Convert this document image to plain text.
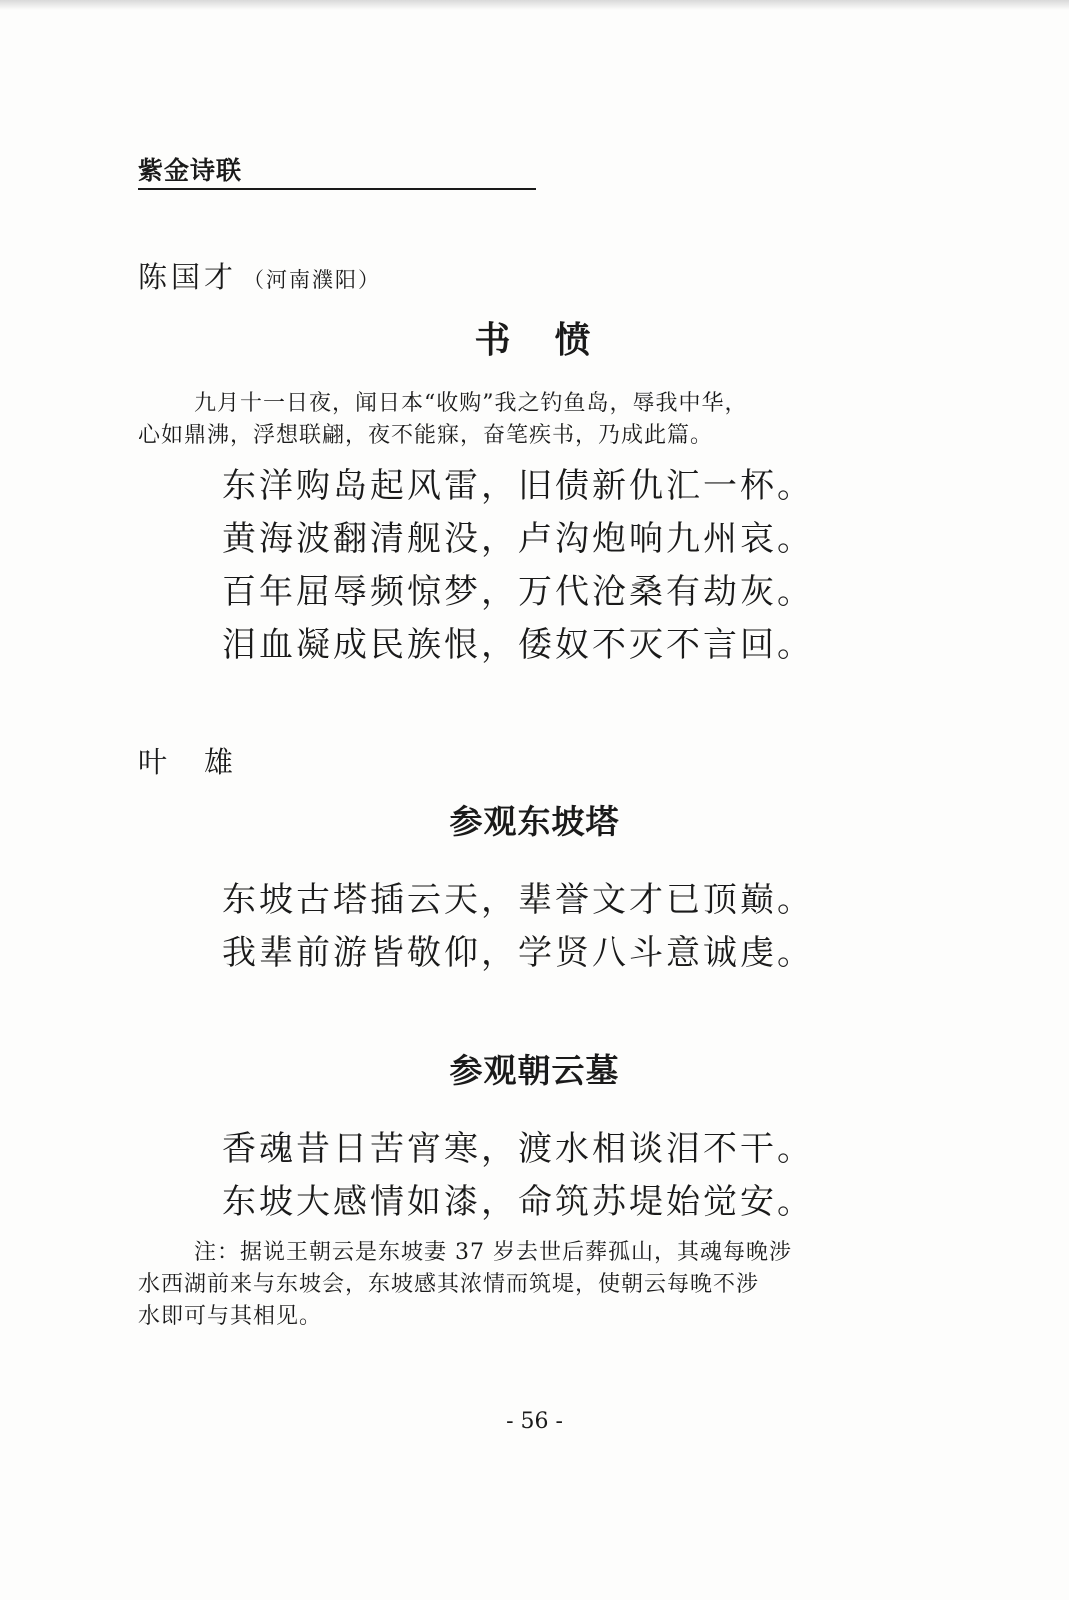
紫金诗联
陈国才 （河南濮阳）
书　愤
九月十一日夜，闻日本“收购”我之钓鱼岛，辱我中华，
心如鼎沸，浮想联翩，夜不能寐，奋笔疾书，乃成此篇。
东洋购岛起风雷，旧债新仇汇一杯。
黄海波翻清舰没，卢沟炮响九州哀。
百年屈辱频惊梦，万代沧桑有劫灰。
泪血凝成民族恨，倭奴不灭不言回。
叶　雄
参观东坡塔
东坡古塔插云天，辈誉文才已顶巅。
我辈前游皆敬仰，学贤八斗意诚虔。
参观朝云墓
香魂昔日苦宵寒，渡水相谈泪不干。
东坡大感情如漆，命筑苏堤始觉安。
注：据说王朝云是东坡妻 37 岁去世后葬孤山，其魂每晚涉
水西湖前来与东坡会，东坡感其浓情而筑堤，使朝云每晚不涉
水即可与其相见。
- 56 -
